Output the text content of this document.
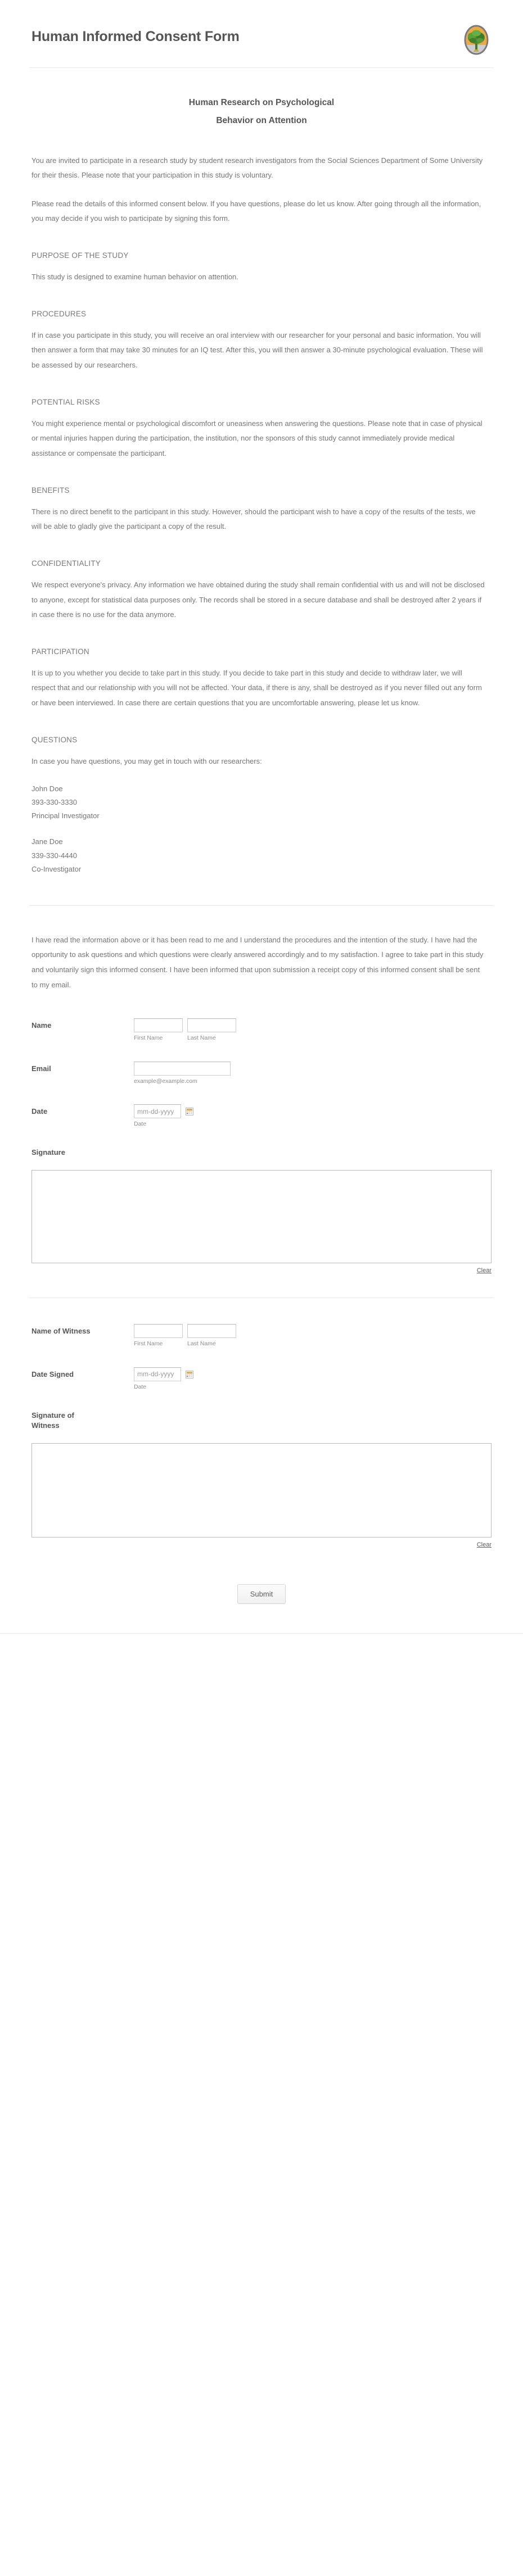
Human Informed Consent Form
Human Research on Psychological
Behavior on Attention

You are invited to participate in a research study by student research investigators from the Social Sciences Department of Some University for their thesis. Please note that your participation in this study is voluntary.

Please read the details of this informed consent below. If you have questions, please do let us know. After going through all the information, you may decide if you wish to participate by signing this form.

PURPOSE OF THE STUDY

This study is designed to examine human behavior on attention.

PROCEDURES

If in case you participate in this study, you will receive an oral interview with our researcher for your personal and basic information. You will then answer a form that may take 30 minutes for an IQ test. After this, you will then answer a 30-minute psychological evaluation. These will be assessed by our researchers.

POTENTIAL RISKS

You might experience mental or psychological discomfort or uneasiness when answering the questions. Please note that in case of physical or mental injuries happen during the participation, the institution, nor the sponsors of this study cannot immediately provide medical assistance or compensate the participant.

BENEFITS

There is no direct benefit to the participant in this study. However, should the participant wish to have a copy of the results of the tests, we will be able to gladly give the participant a copy of the result.

CONFIDENTIALITY

We respect everyone's privacy. Any information we have obtained during the study shall remain confidential with us and will not be disclosed to anyone, except for statistical data purposes only. The records shall be stored in a secure database and shall be destroyed after 2 years if in case there is no use for the data anymore.

PARTICIPATION

It is up to you whether you decide to take part in this study. If you decide to take part in this study and decide to withdraw later, we will respect that and our relationship with you will not be affected. Your data, if there is any, shall be destroyed as if you never filled out any form or have been interviewed. In case there are certain questions that you are uncomfortable answering, please let us know.

QUESTIONS

In case you have questions, you may get in touch with our researchers:

John Doe
393-330-3330
Principal Investigator
Jane Doe
339-330-4440
Co-Investigator

I have read the information above or it has been read to me and I understand the procedures and the intention of the study. I have had the opportunity to ask questions and which questions were clearly answered accordingly and to my satisfaction. I agree to take part in this study and voluntarily sign this informed consent. I have been informed that upon submission a receipt copy of this informed consent shall be sent to my email.

Name
First Name	Last Name
Email
example@example.com
Date
mm-dd-yyyy
Date
Signature
Clear
Name of Witness
First Name	Last Name
Date Signed
mm-dd-yyyy
Date
Signature of Witness
Clear
Submit
